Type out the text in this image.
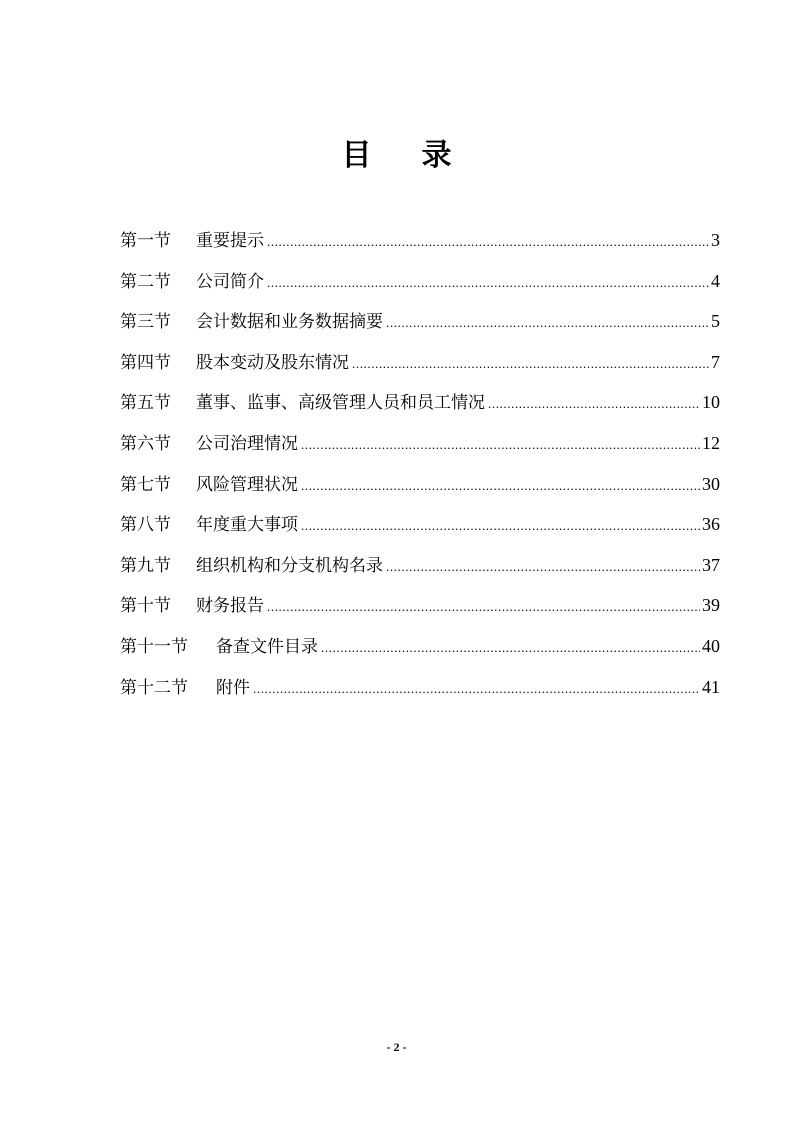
目 录
第一节	重要提示 .....	3
第二节	公司简介 .....	4
第三节	会计数据和业务数据摘要 .....	5
第四节	股本变动及股东情况 .....	7
第五节	董事、监事、高级管理人员和员工情况 .....	10
第六节	公司治理情况 .....	12
第七节	风险管理状况 .....	30
第八节	年度重大事项 .....	36
第九节	组织机构和分支机构名录 .....	37
第十节	财务报告 .....	39
第十一节	备查文件目录 .....	40
第十二节	附件 .....	41
- 2 -
